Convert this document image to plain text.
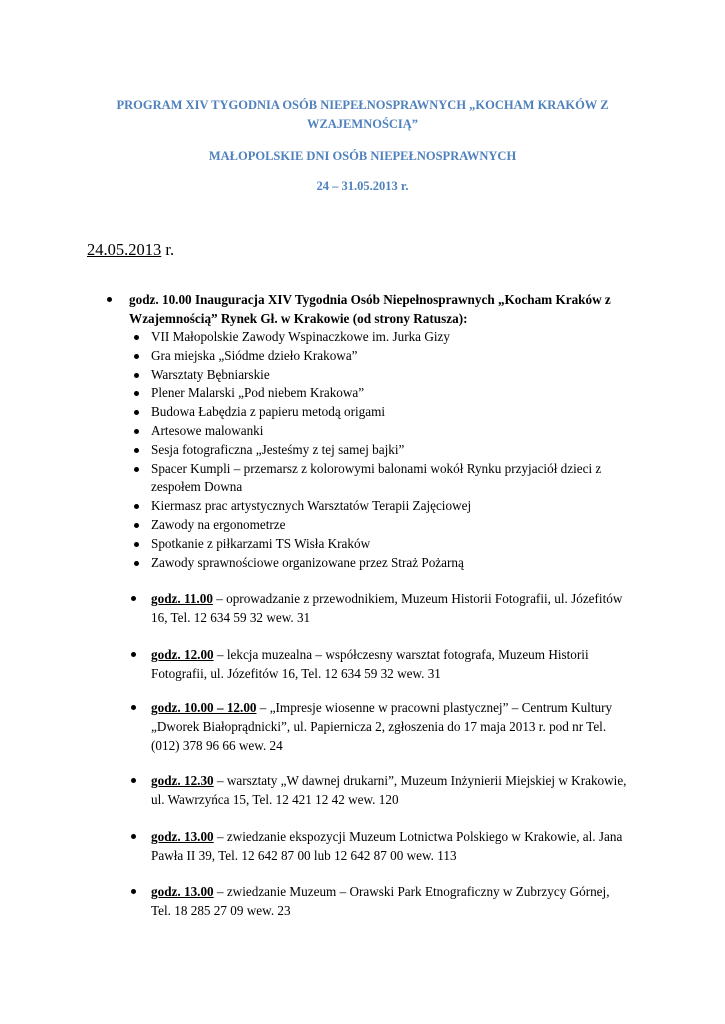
PROGRAM XIV TYGODNIA OSÓB NIEPEŁNOSPRAWNYCH „KOCHAM KRAKÓW Z WZAJEMNOŚCIĄ”
MAŁOPOLSKIE DNI OSÓB NIEPEŁNOSPRAWNYCH
24 – 31.05.2013 r.
24.05.2013 r.
godz. 10.00 Inauguracja XIV Tygodnia Osób Niepełnosprawnych „Kocham Kraków z Wzajemnością” Rynek Gł. w Krakowie (od strony Ratusza):
VII Małopolskie Zawody Wspinaczkowe im. Jurka Gizy
Gra miejska „Siódme dzieło Krakowa”
Warsztaty Bębniarskie
Plener Malarski „Pod niebem Krakowa”
Budowa Łabędzia z papieru metodą origami
Artesowe malowanki
Sesja fotograficzna „Jesteśmy z tej samej bajki”
Spacer Kumpli – przemarsz z kolorowymi balonami wokół Rynku przyjaciół dzieci z zespołem Downa
Kiermasz prac artystycznych Warsztatów Terapii Zajęciowej
Zawody na ergonometrze
Spotkanie z piłkarzami TS Wisła Kraków
Zawody sprawnościowe organizowane przez Straż Pożarną
godz. 11.00 – oprowadzanie z przewodnikiem, Muzeum Historii Fotografii, ul. Józefitów 16, Tel. 12 634 59 32 wew. 31
godz. 12.00 – lekcja muzealna – współczesny warsztat fotografa, Muzeum Historii Fotografii, ul. Józefitów 16, Tel. 12 634 59 32 wew. 31
godz. 10.00 – 12.00 – „Impresje wiosenne w pracowni plastycznej” – Centrum Kultury „Dworek Białoprądnicki”, ul. Papiernicza 2, zgłoszenia do 17 maja 2013 r. pod nr Tel. (012) 378 96 66 wew. 24
godz. 12.30 – warsztaty „W dawnej drukarni”, Muzeum Inżynierii Miejskiej w Krakowie, ul. Wawrzyńca 15, Tel. 12 421 12 42 wew. 120
godz. 13.00 – zwiedzanie ekspozycji Muzeum Lotnictwa Polskiego w Krakowie, al. Jana Pawła II 39, Tel. 12 642 87 00 lub 12 642 87 00 wew. 113
godz. 13.00 – zwiedzanie Muzeum – Orawski Park Etnograficzny w Zubrzycy Górnej, Tel. 18 285 27 09 wew. 23
